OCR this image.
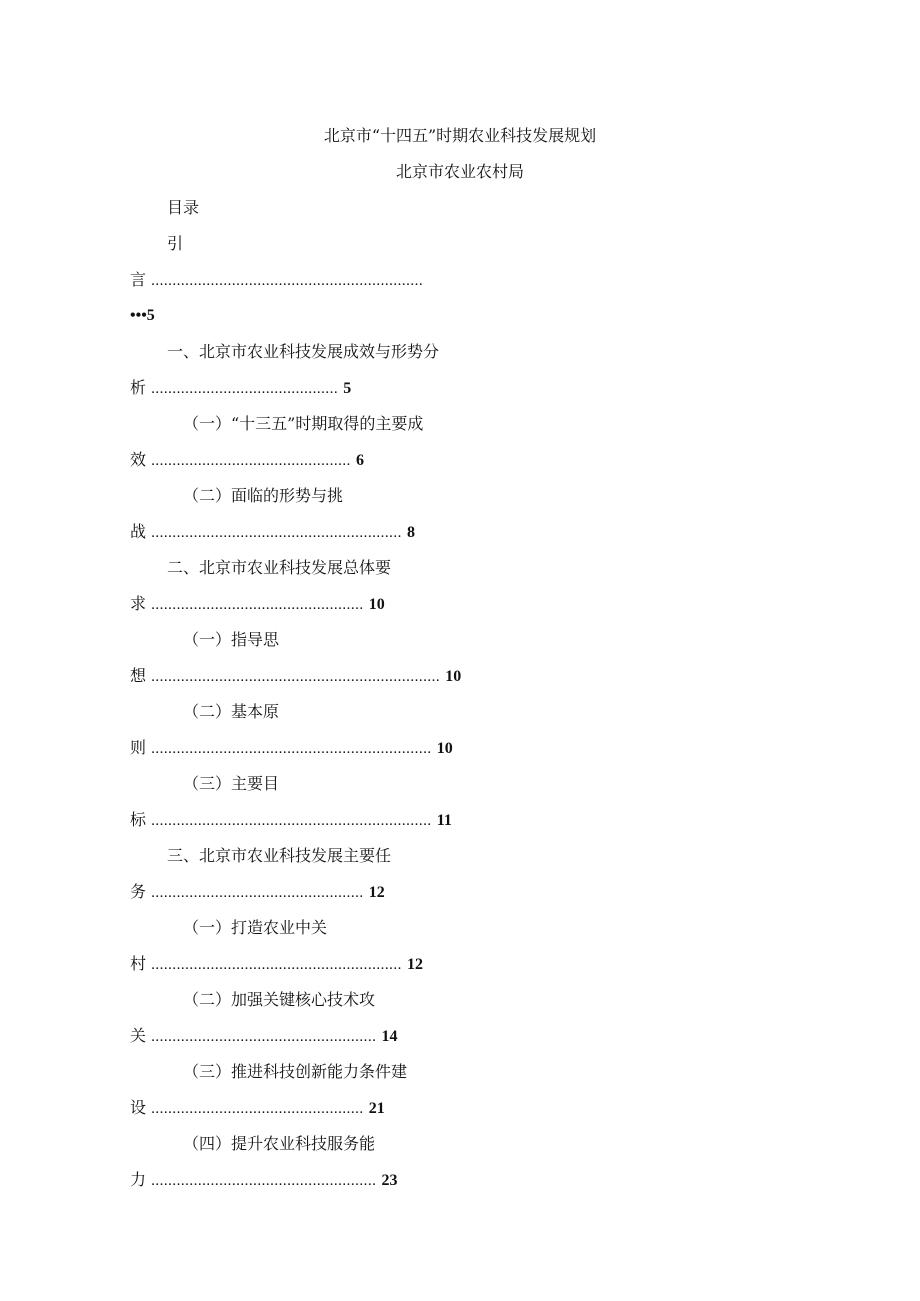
北京市“十四五”时期农业科技发展规划
北京市农业农村局
目录
引
言 ................................................................
•••5
一、北京市农业科技发展成效与形势分
析 ............................................ 5
（一）“十三五”时期取得的主要成
效 ............................................... 6
（二）面临的形势与挑
战 ........................................................... 8
二、北京市农业科技发展总体要
求 .................................................. 10
（一）指导思
想 .................................................................... 10
（二）基本原
则 .................................................................. 10
（三）主要目
标 .................................................................. 11
三、北京市农业科技发展主要任
务 .................................................. 12
（一）打造农业中关
村 ........................................................... 12
（二）加强关键核心技术攻
关 ..................................................... 14
（三）推进科技创新能力条件建
设 .................................................. 21
（四）提升农业科技服务能
力 ..................................................... 23
